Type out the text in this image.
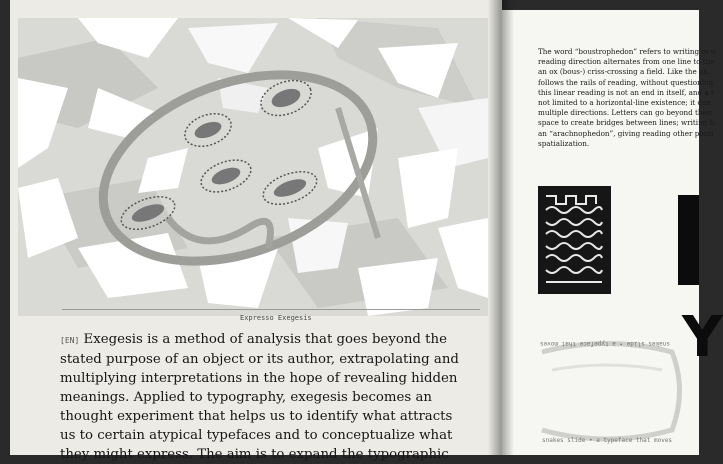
Expresso Exegesis
[EN] Exegesis is a method of analysis that goes beyond the
stated purpose of an object or its author, extrapolating and
multiplying interpretations in the hope of revealing hidden
meanings. Applied to typography, exegesis becomes an
thought experiment that helps us to identify what attracts
us to certain atypical typefaces and to conceptualize what
they might express. The aim is to expand the typographic
The word “boustrophedon” refers to writing in w
reading direction alternates from one line to the
an ox (bous-) criss-crossing a field. Like the ox,
follows the rails of reading, without questioning
this linear reading is not an end in itself, and a t
not limited to a horizontal-line existence; it can
multiple directions. Letters can go beyond their
space to create bridges between lines; writing b
an “arachnophedon”, giving reading other possi
spatialization.
Y
snakes slide • a typeface that moves
snakes slide • a typeface that moves
